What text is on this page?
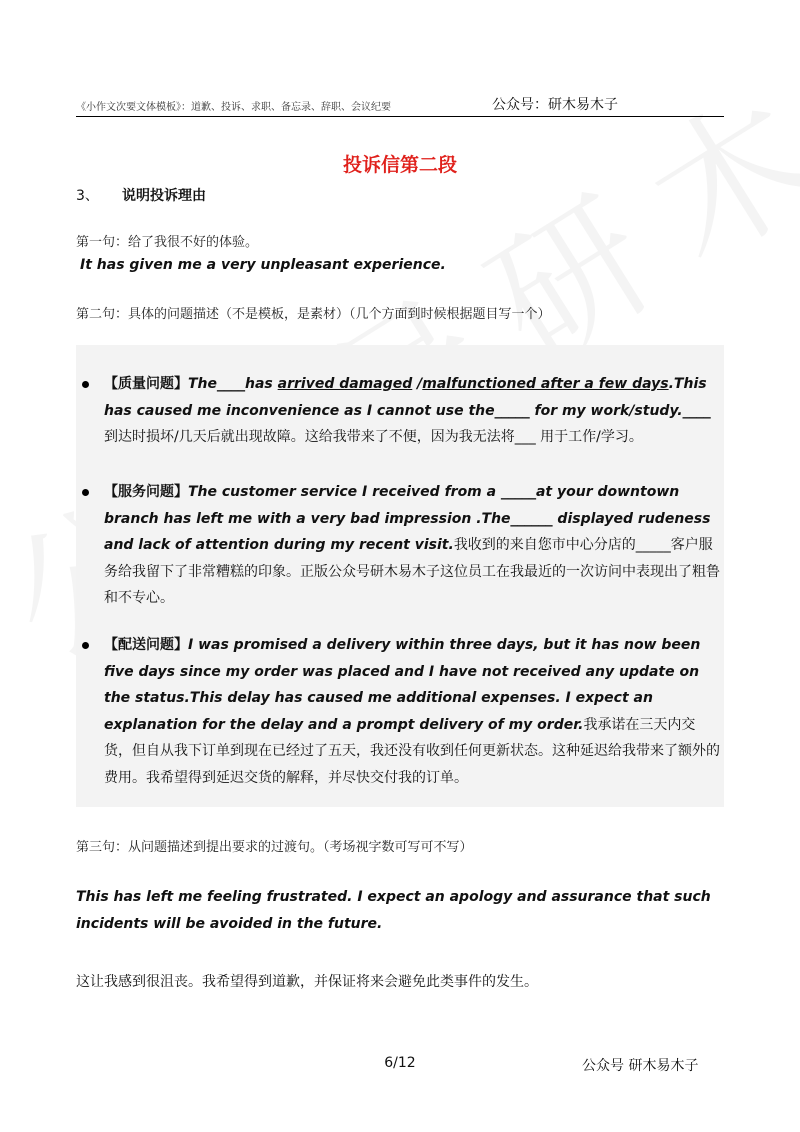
《小作文次要文体模板》：道歉、投诉、求职、备忘录、辞职、会议纪要	公众号：研木易木子
投诉信第二段
3、 说明投诉理由
第一句：给了我很不好的体验。
It has given me a very unpleasant experience.
第二句：具体的问题描述（不是模板，是素材）（几个方面到时候根据题目写一个）
【质量问题】The____has arrived damaged /malfunctioned after a few days.This has caused me inconvenience as I cannot use the_____ for my work/study.____到达时损坏/几天后就出现故障。这给我带来了不便，因为我无法将___ 用于工作/学习。
【服务问题】The customer service I received from a _____at your downtown branch has left me with a very bad impression .The______ displayed rudeness and lack of attention during my recent visit.我收到的来自您市中心分店的_____客户服务给我留下了非常糟糕的印象。正版公众号研木易木子这位员工在我最近的一次访问中表现出了粗鲁和不专心。
【配送问题】I was promised a delivery within three days, but it has now been five days since my order was placed and I have not received any update on the status.This delay has caused me additional expenses. I expect an explanation for the delay and a prompt delivery of my order.我承诺在三天内交货，但自从我下订单到现在已经过了五天，我还没有收到任何更新状态。这种延迟给我带来了额外的费用。我希望得到延迟交货的解释，并尽快交付我的订单。
第三句：从问题描述到提出要求的过渡句。（考场视字数可写可不写）
This has left me feeling frustrated. I expect an apology and assurance that such
incidents will be avoided in the future.
这让我感到很沮丧。我希望得到道歉，并保证将来会避免此类事件的发生。
6/12	公众号 研木易木子
